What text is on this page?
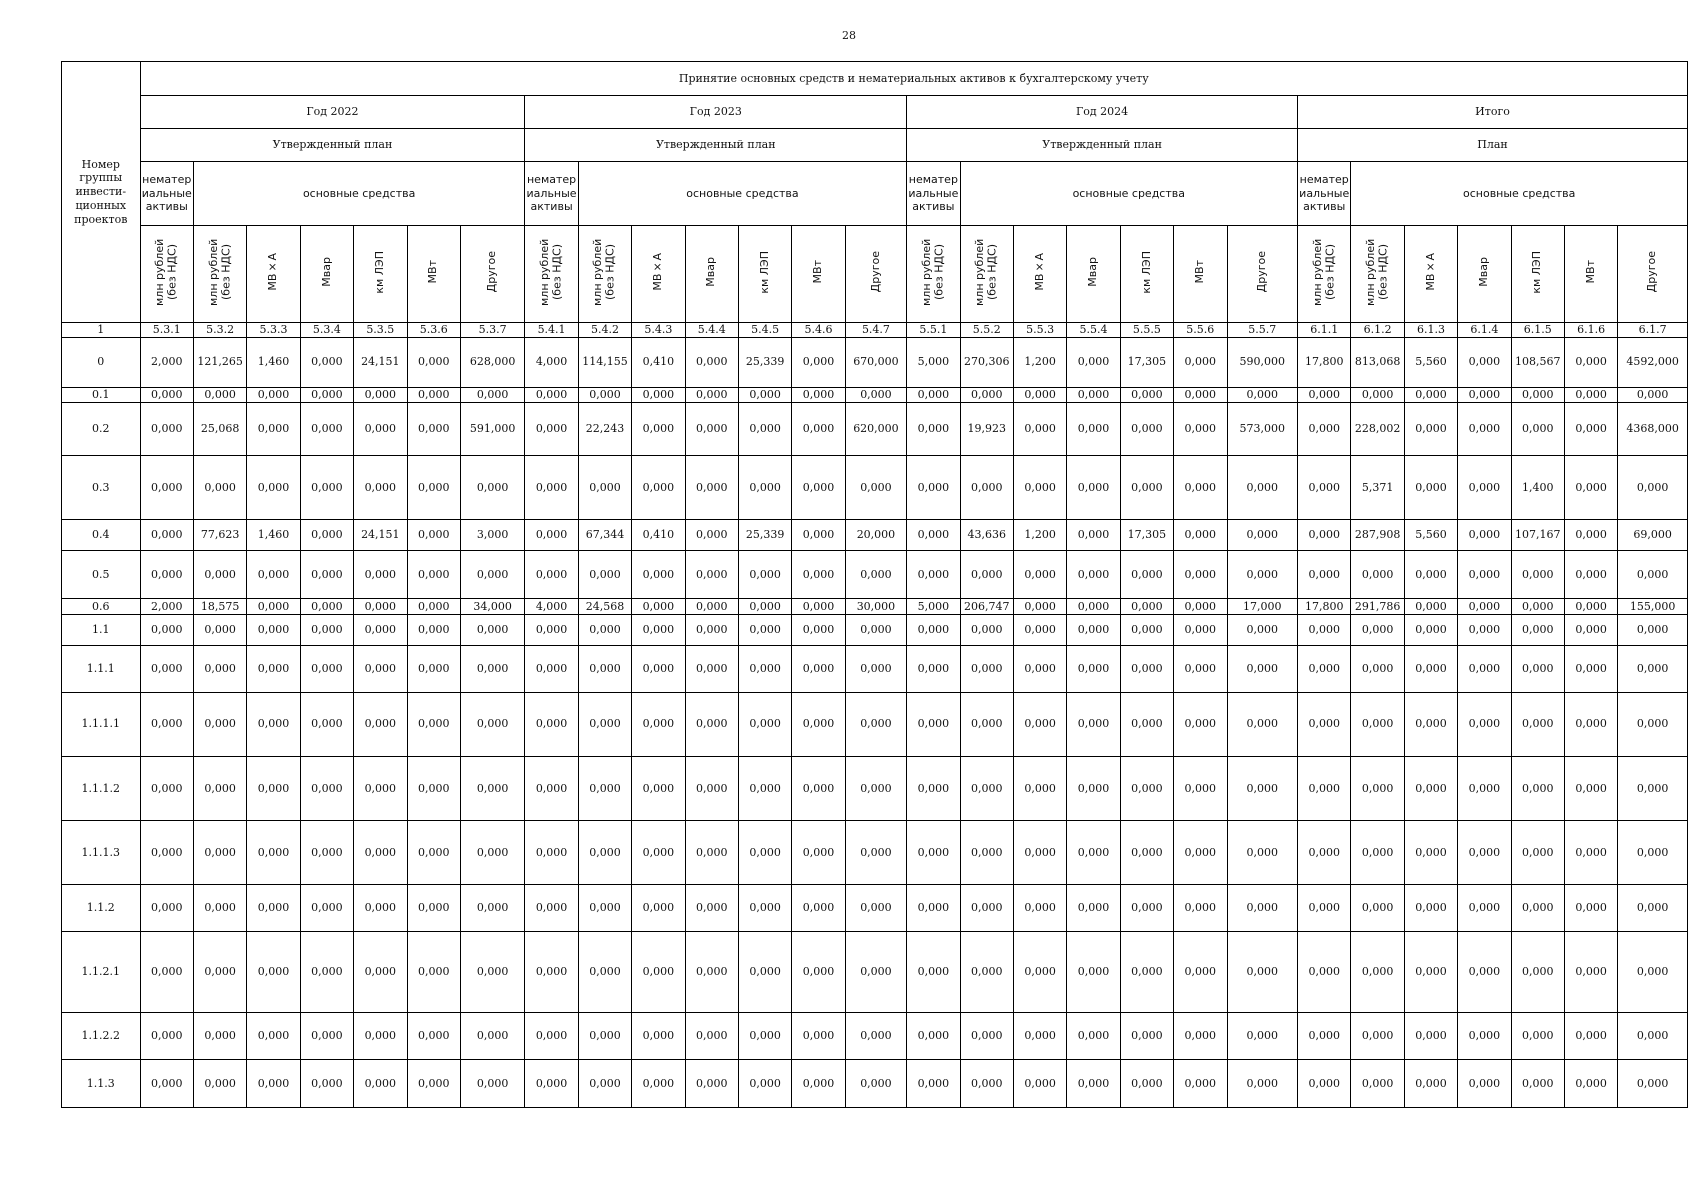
28
Номер группы инвести-ционных проектов	Принятие основных средств и нематериальных активов к бухгалтерскому учету																											
	Год 2022							Год 2023							Год 2024							Итого						
	Утвержденный план							Утвержденный план							Утвержденный план							План						
	нематер иальные активы	основные средства						нематер иальные активы	основные средства						нематер иальные активы	основные средства						нематер иальные активы	основные средства					
	млн рублей (без НДС)	млн рублей (без НДС)	МВ×А	Мвар	км ЛЭП	МВт	Другое	млн рублей (без НДС)	млн рублей (без НДС)	МВ×А	Мвар	км ЛЭП	МВт	Другое	млн рублей (без НДС)	млн рублей (без НДС)	МВ×А	Мвар	км ЛЭП	МВт	Другое	млн рублей (без НДС)	млн рублей (без НДС)	МВ×А	Мвар	км ЛЭП	МВт	Другое
1	5.3.1	5.3.2	5.3.3	5.3.4	5.3.5	5.3.6	5.3.7	5.4.1	5.4.2	5.4.3	5.4.4	5.4.5	5.4.6	5.4.7	5.5.1	5.5.2	5.5.3	5.5.4	5.5.5	5.5.6	5.5.7	6.1.1	6.1.2	6.1.3	6.1.4	6.1.5	6.1.6	6.1.7
0	2,000	121,265	1,460	0,000	24,151	0,000	628,000	4,000	114,155	0,410	0,000	25,339	0,000	670,000	5,000	270,306	1,200	0,000	17,305	0,000	590,000	17,800	813,068	5,560	0,000	108,567	0,000	4592,000
0.1	0,000	0,000	0,000	0,000	0,000	0,000	0,000	0,000	0,000	0,000	0,000	0,000	0,000	0,000	0,000	0,000	0,000	0,000	0,000	0,000	0,000	0,000	0,000	0,000	0,000	0,000	0,000	0,000
0.2	0,000	25,068	0,000	0,000	0,000	0,000	591,000	0,000	22,243	0,000	0,000	0,000	0,000	620,000	0,000	19,923	0,000	0,000	0,000	0,000	573,000	0,000	228,002	0,000	0,000	0,000	0,000	4368,000
0.3	0,000	0,000	0,000	0,000	0,000	0,000	0,000	0,000	0,000	0,000	0,000	0,000	0,000	0,000	0,000	0,000	0,000	0,000	0,000	0,000	0,000	0,000	5,371	0,000	0,000	1,400	0,000	0,000
0.4	0,000	77,623	1,460	0,000	24,151	0,000	3,000	0,000	67,344	0,410	0,000	25,339	0,000	20,000	0,000	43,636	1,200	0,000	17,305	0,000	0,000	0,000	287,908	5,560	0,000	107,167	0,000	69,000
0.5	0,000	0,000	0,000	0,000	0,000	0,000	0,000	0,000	0,000	0,000	0,000	0,000	0,000	0,000	0,000	0,000	0,000	0,000	0,000	0,000	0,000	0,000	0,000	0,000	0,000	0,000	0,000	0,000
0.6	2,000	18,575	0,000	0,000	0,000	0,000	34,000	4,000	24,568	0,000	0,000	0,000	0,000	30,000	5,000	206,747	0,000	0,000	0,000	0,000	17,000	17,800	291,786	0,000	0,000	0,000	0,000	155,000
1.1	0,000	0,000	0,000	0,000	0,000	0,000	0,000	0,000	0,000	0,000	0,000	0,000	0,000	0,000	0,000	0,000	0,000	0,000	0,000	0,000	0,000	0,000	0,000	0,000	0,000	0,000	0,000	0,000
1.1.1	0,000	0,000	0,000	0,000	0,000	0,000	0,000	0,000	0,000	0,000	0,000	0,000	0,000	0,000	0,000	0,000	0,000	0,000	0,000	0,000	0,000	0,000	0,000	0,000	0,000	0,000	0,000	0,000
1.1.1.1	0,000	0,000	0,000	0,000	0,000	0,000	0,000	0,000	0,000	0,000	0,000	0,000	0,000	0,000	0,000	0,000	0,000	0,000	0,000	0,000	0,000	0,000	0,000	0,000	0,000	0,000	0,000	0,000
1.1.1.2	0,000	0,000	0,000	0,000	0,000	0,000	0,000	0,000	0,000	0,000	0,000	0,000	0,000	0,000	0,000	0,000	0,000	0,000	0,000	0,000	0,000	0,000	0,000	0,000	0,000	0,000	0,000	0,000
1.1.1.3	0,000	0,000	0,000	0,000	0,000	0,000	0,000	0,000	0,000	0,000	0,000	0,000	0,000	0,000	0,000	0,000	0,000	0,000	0,000	0,000	0,000	0,000	0,000	0,000	0,000	0,000	0,000	0,000
1.1.2	0,000	0,000	0,000	0,000	0,000	0,000	0,000	0,000	0,000	0,000	0,000	0,000	0,000	0,000	0,000	0,000	0,000	0,000	0,000	0,000	0,000	0,000	0,000	0,000	0,000	0,000	0,000	0,000
1.1.2.1	0,000	0,000	0,000	0,000	0,000	0,000	0,000	0,000	0,000	0,000	0,000	0,000	0,000	0,000	0,000	0,000	0,000	0,000	0,000	0,000	0,000	0,000	0,000	0,000	0,000	0,000	0,000	0,000
1.1.2.2	0,000	0,000	0,000	0,000	0,000	0,000	0,000	0,000	0,000	0,000	0,000	0,000	0,000	0,000	0,000	0,000	0,000	0,000	0,000	0,000	0,000	0,000	0,000	0,000	0,000	0,000	0,000	0,000
1.1.3	0,000	0,000	0,000	0,000	0,000	0,000	0,000	0,000	0,000	0,000	0,000	0,000	0,000	0,000	0,000	0,000	0,000	0,000	0,000	0,000	0,000	0,000	0,000	0,000	0,000	0,000	0,000	0,000
